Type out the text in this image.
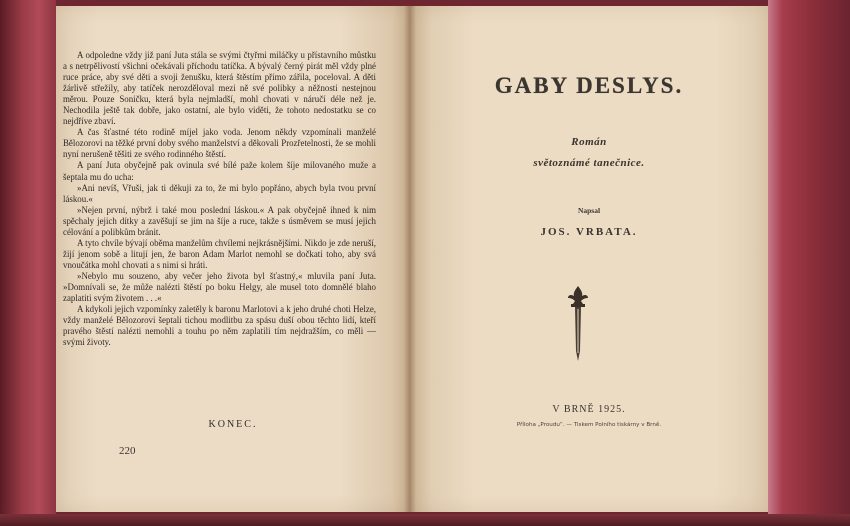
A odpoledne vždy již paní Juta stála se svými čtyřmi miláčky u přístavního můstku a s netrpělivostí všichni očekávali příchodu tatíčka. A bývalý černý pirát měl vždy plné ruce práce, aby své děti a svoji ženušku, která štěstím přímo zářila, poceloval. A děti žárlivě střežily, aby tatíček nerozděloval mezi ně své polibky a něžnosti nestejnou měrou. Pouze Soničku, která byla nejmladší, mohl chovati v náručí déle než je. Nechodila ještě tak dobře, jako ostatní, ale bylo viděti, že tohoto nedostatku se co nejdříve zbaví.

A čas šťastné této rodině míjel jako voda. Jenom někdy vzpomínali manželé Bělozorovi na těžké první doby svého manželství a děkovali Prozřetelnosti, že se mohli nyní nerušeně těšiti ze svého rodinného štěstí.

A paní Juta obyčejně pak ovinula své bílé paže kolem šíje milovaného muže a šeptala mu do ucha:

»Ani nevíš, Vřuši, jak ti děkuji za to, že mi bylo popřáno, abych byla tvou první láskou.«

»Nejen první, nýbrž i také mou poslední láskou.« A pak obyčejně ihned k nim spěchaly jejich dítky a zavěšují se jim na šíje a ruce, takže s úsměvem se musí jejich célování a polibkům bránit.

A tyto chvíle bývají oběma manželům chvílemi nejkrásnějšími. Nikdo je zde neruší, žijí jenom sobě a litují jen, že baron Adam Marlot nemohl se dočkati toho, aby svá vnoučátka mohl chovati a s nimi si hráti.

»Nebylo mu souzeno, aby večer jeho života byl šťastný,« mluvila paní Juta. »Domnívali se, že může nalézti štěstí po boku Helgy, ale musel toto domnělé blaho zaplatiti svým životem . . .«

A kdykoli jejich vzpomínky zaletěly k baronu Marlotovi a k jeho druhé choti Helze, vždy manželé Bělozorovi šeptali tichou modlitbu za spásu duší obou těchto lidí, kteří pravého štěstí nalézti nemohli a touhu po něm zaplatili tím nejdražším, co měli — svými životy.

KONEC.
220
GABY DESLYS.
Román
světoznámé tanečnice.
Napsal
JOS. VRBATA.
V BRNĚ 1925.
Příloha „Proudu“. — Tiskem Polního tiskárny v Brně.
